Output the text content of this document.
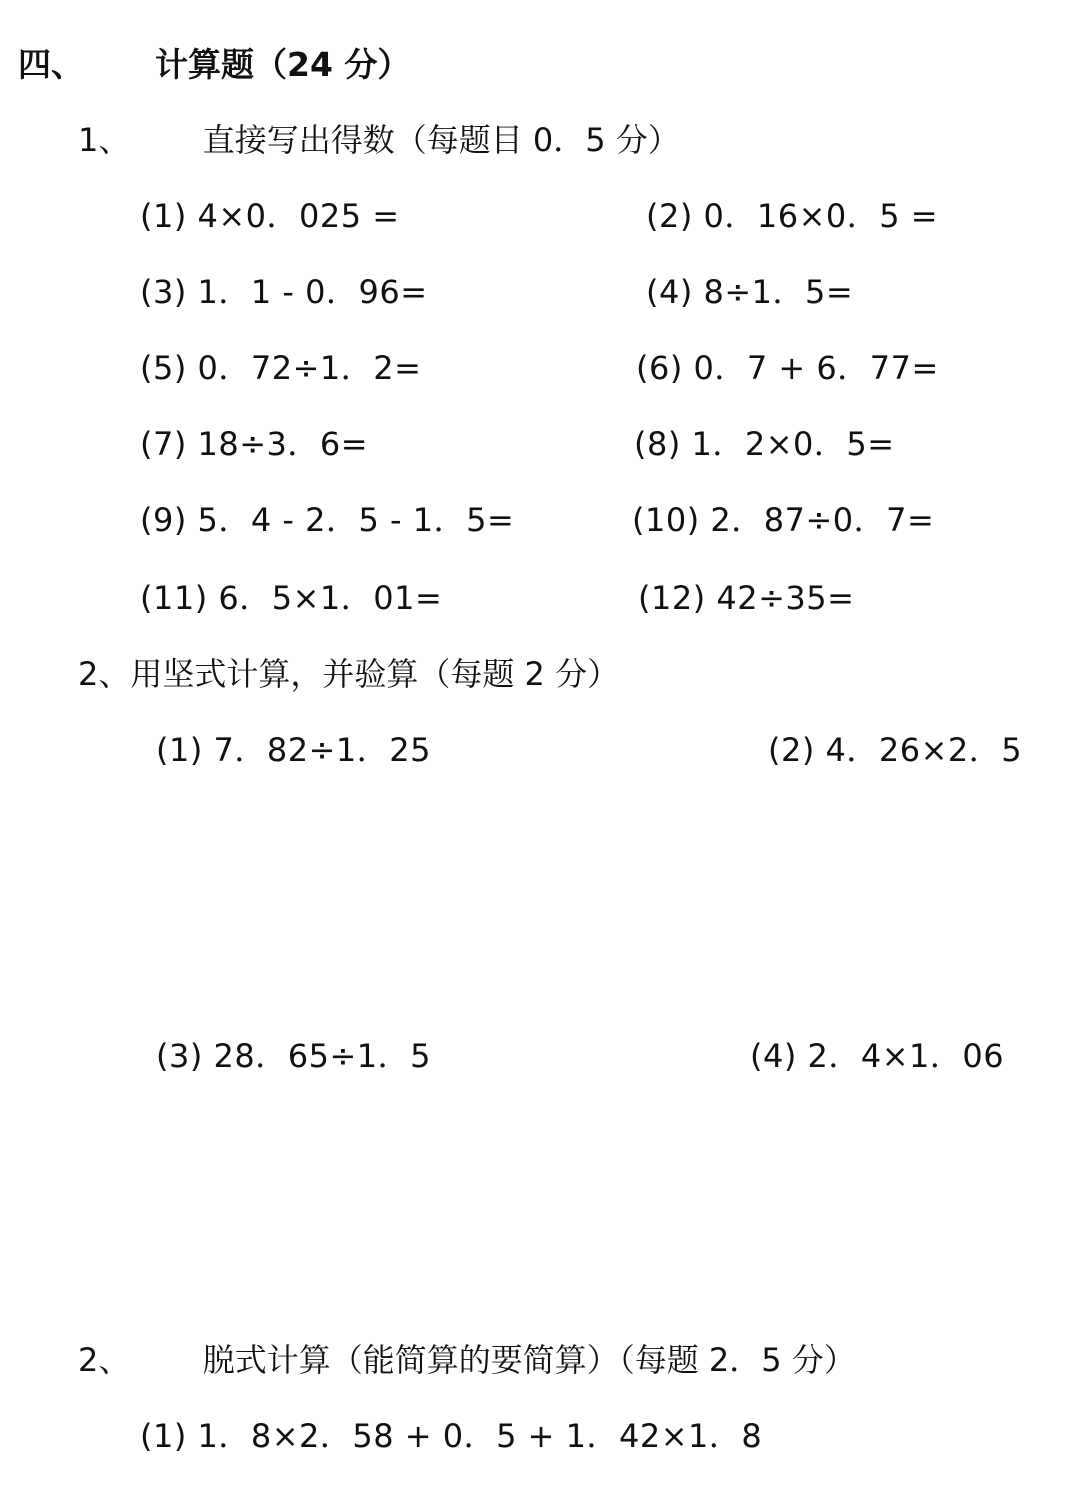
四、 计算题（24 分）
1、 直接写出得数（每题目 0．5 分）
(1) 4×0．025 =	(2) 0．16×0．5 =
(3) 1．1 - 0．96=	(4) 8÷1．5=
(5) 0．72÷1．2=	(6) 0．7 + 6．77=
(7) 18÷3．6=	(8) 1．2×0．5=
(9) 5．4 - 2．5 - 1．5=	(10) 2．87÷0．7=
(11) 6．5×1．01=	(12) 42÷35=
2、用坚式计算，并验算（每题 2 分）
(1) 7．82÷1．25	(2) 4．26×2．5
(3) 28．65÷1．5	(4) 2．4×1．06
2、 脱式计算（能简算的要简算）（每题 2．5 分）
(1) 1．8×2．58 + 0．5 + 1．42×1．8
